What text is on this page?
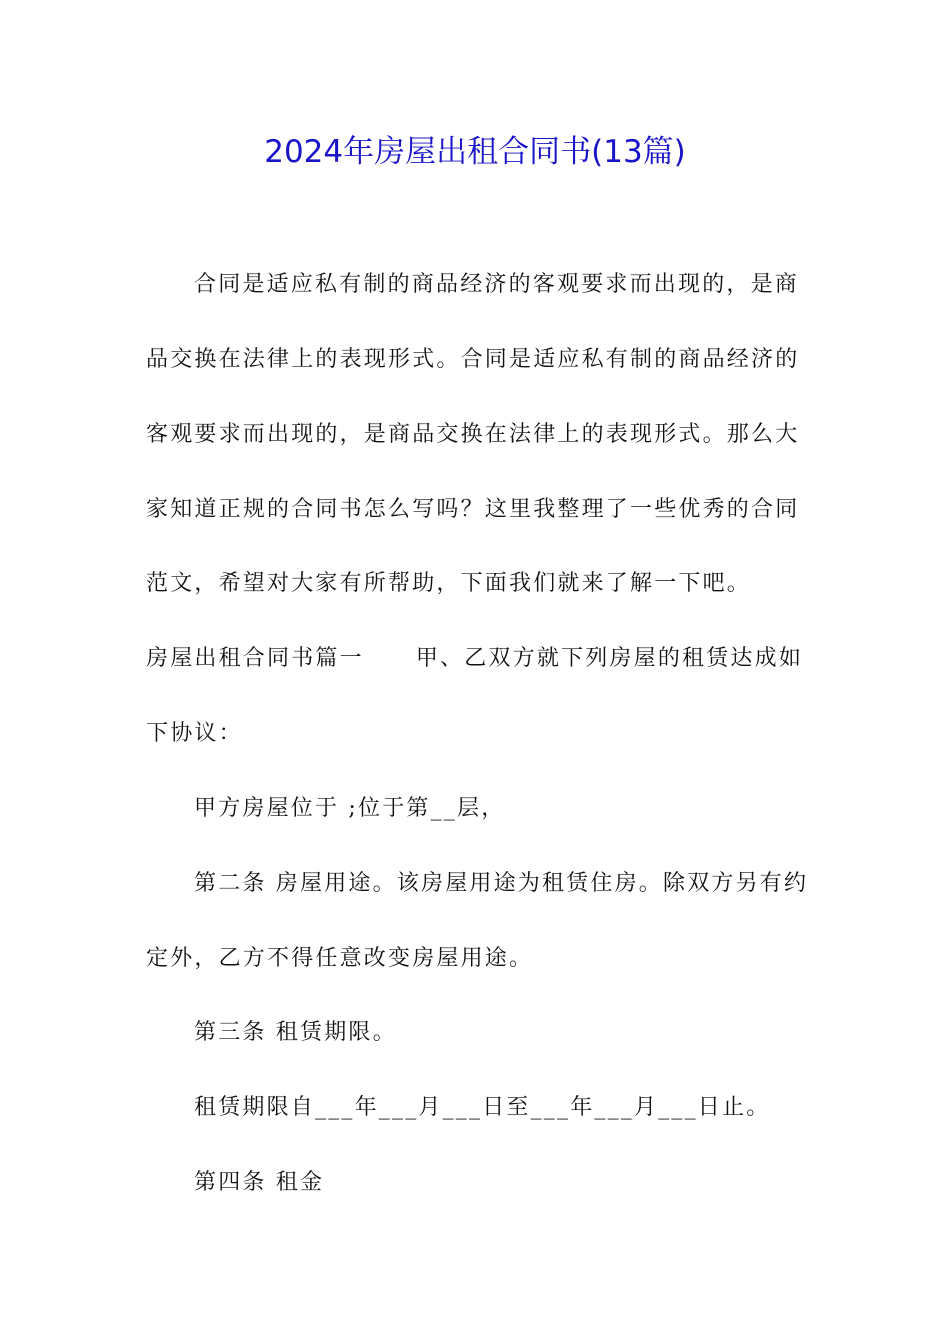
2024年房屋出租合同书(13篇)
合同是适应私有制的商品经济的客观要求而出现的，是商
品交换在法律上的表现形式。合同是适应私有制的商品经济的
客观要求而出现的，是商品交换在法律上的表现形式。那么大
家知道正规的合同书怎么写吗？这里我整理了一些优秀的合同
范文，希望对大家有所帮助，下面我们就来了解一下吧。
房屋出租合同书篇一 甲、乙双方就下列房屋的租赁达成如
下协议：
甲方房屋位于 ;位于第__层，
第二条 房屋用途。该房屋用途为租赁住房。除双方另有约
定外，乙方不得任意改变房屋用途。
第三条 租赁期限。
租赁期限自___年___月___日至___年___月___日止。
第四条 租金
